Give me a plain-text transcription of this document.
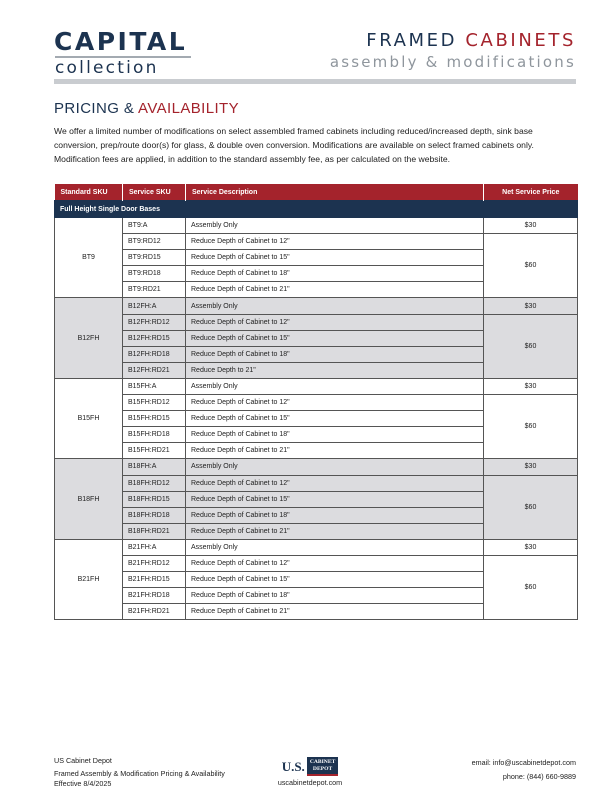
CAPITAL
collection
FRAMED CABINETS
assembly & modifications
PRICING & AVAILABILITY
We offer a limited number of modifications on select assembled framed cabinets including reduced/increased depth, sink base conversion, prep/route door(s) for glass, & double oven conversion. Modifications are available on select framed cabinets only. Modification fees are applied, in addition to the standard assembly fee, as per calculated on the website.
Standard SKU	Service SKU	Service Description	Net Service Price
Full Height Single Door Bases			
BT9	BT9:A	Assembly Only	$30
	BT9:RD12	Reduce Depth of Cabinet to 12"	$60
	BT9:RD15	Reduce Depth of Cabinet to 15"	
	BT9:RD18	Reduce Depth of Cabinet to 18"	
	BT9:RD21	Reduce Depth of Cabinet to 21"	
B12FH	B12FH:A	Assembly Only	$30
	B12FH:RD12	Reduce Depth of Cabinet to 12"	$60
	B12FH:RD15	Reduce Depth of Cabinet to 15"	
	B12FH:RD18	Reduce Depth of Cabinet to 18"	
	B12FH:RD21	Reduce Depth to 21"	
B15FH	B15FH:A	Assembly Only	$30
	B15FH:RD12	Reduce Depth of Cabinet to 12"	$60
	B15FH:RD15	Reduce Depth of Cabinet to 15"	
	B15FH:RD18	Reduce Depth of Cabinet to 18"	
	B15FH:RD21	Reduce Depth of Cabinet to 21"	
B18FH	B18FH:A	Assembly Only	$30
	B18FH:RD12	Reduce Depth of Cabinet to 12"	$60
	B18FH:RD15	Reduce Depth of Cabinet to 15"	
	B18FH:RD18	Reduce Depth of Cabinet to 18"	
	B18FH:RD21	Reduce Depth of Cabinet to 21"	
B21FH	B21FH:A	Assembly Only	$30
	B21FH:RD12	Reduce Depth of Cabinet to 12"	$60
	B21FH:RD15	Reduce Depth of Cabinet to 15"	
	B21FH:RD18	Reduce Depth of Cabinet to 18"	
	B21FH:RD21	Reduce Depth of Cabinet to 21"	
US Cabinet Depot
Framed Assembly & Modification Pricing & Availability
Effective 8/4/2025
U.S. CABINET
DEPOT
uscabinetdepot.com
email: info@uscabinetdepot.com
phone: (844) 660-9889
